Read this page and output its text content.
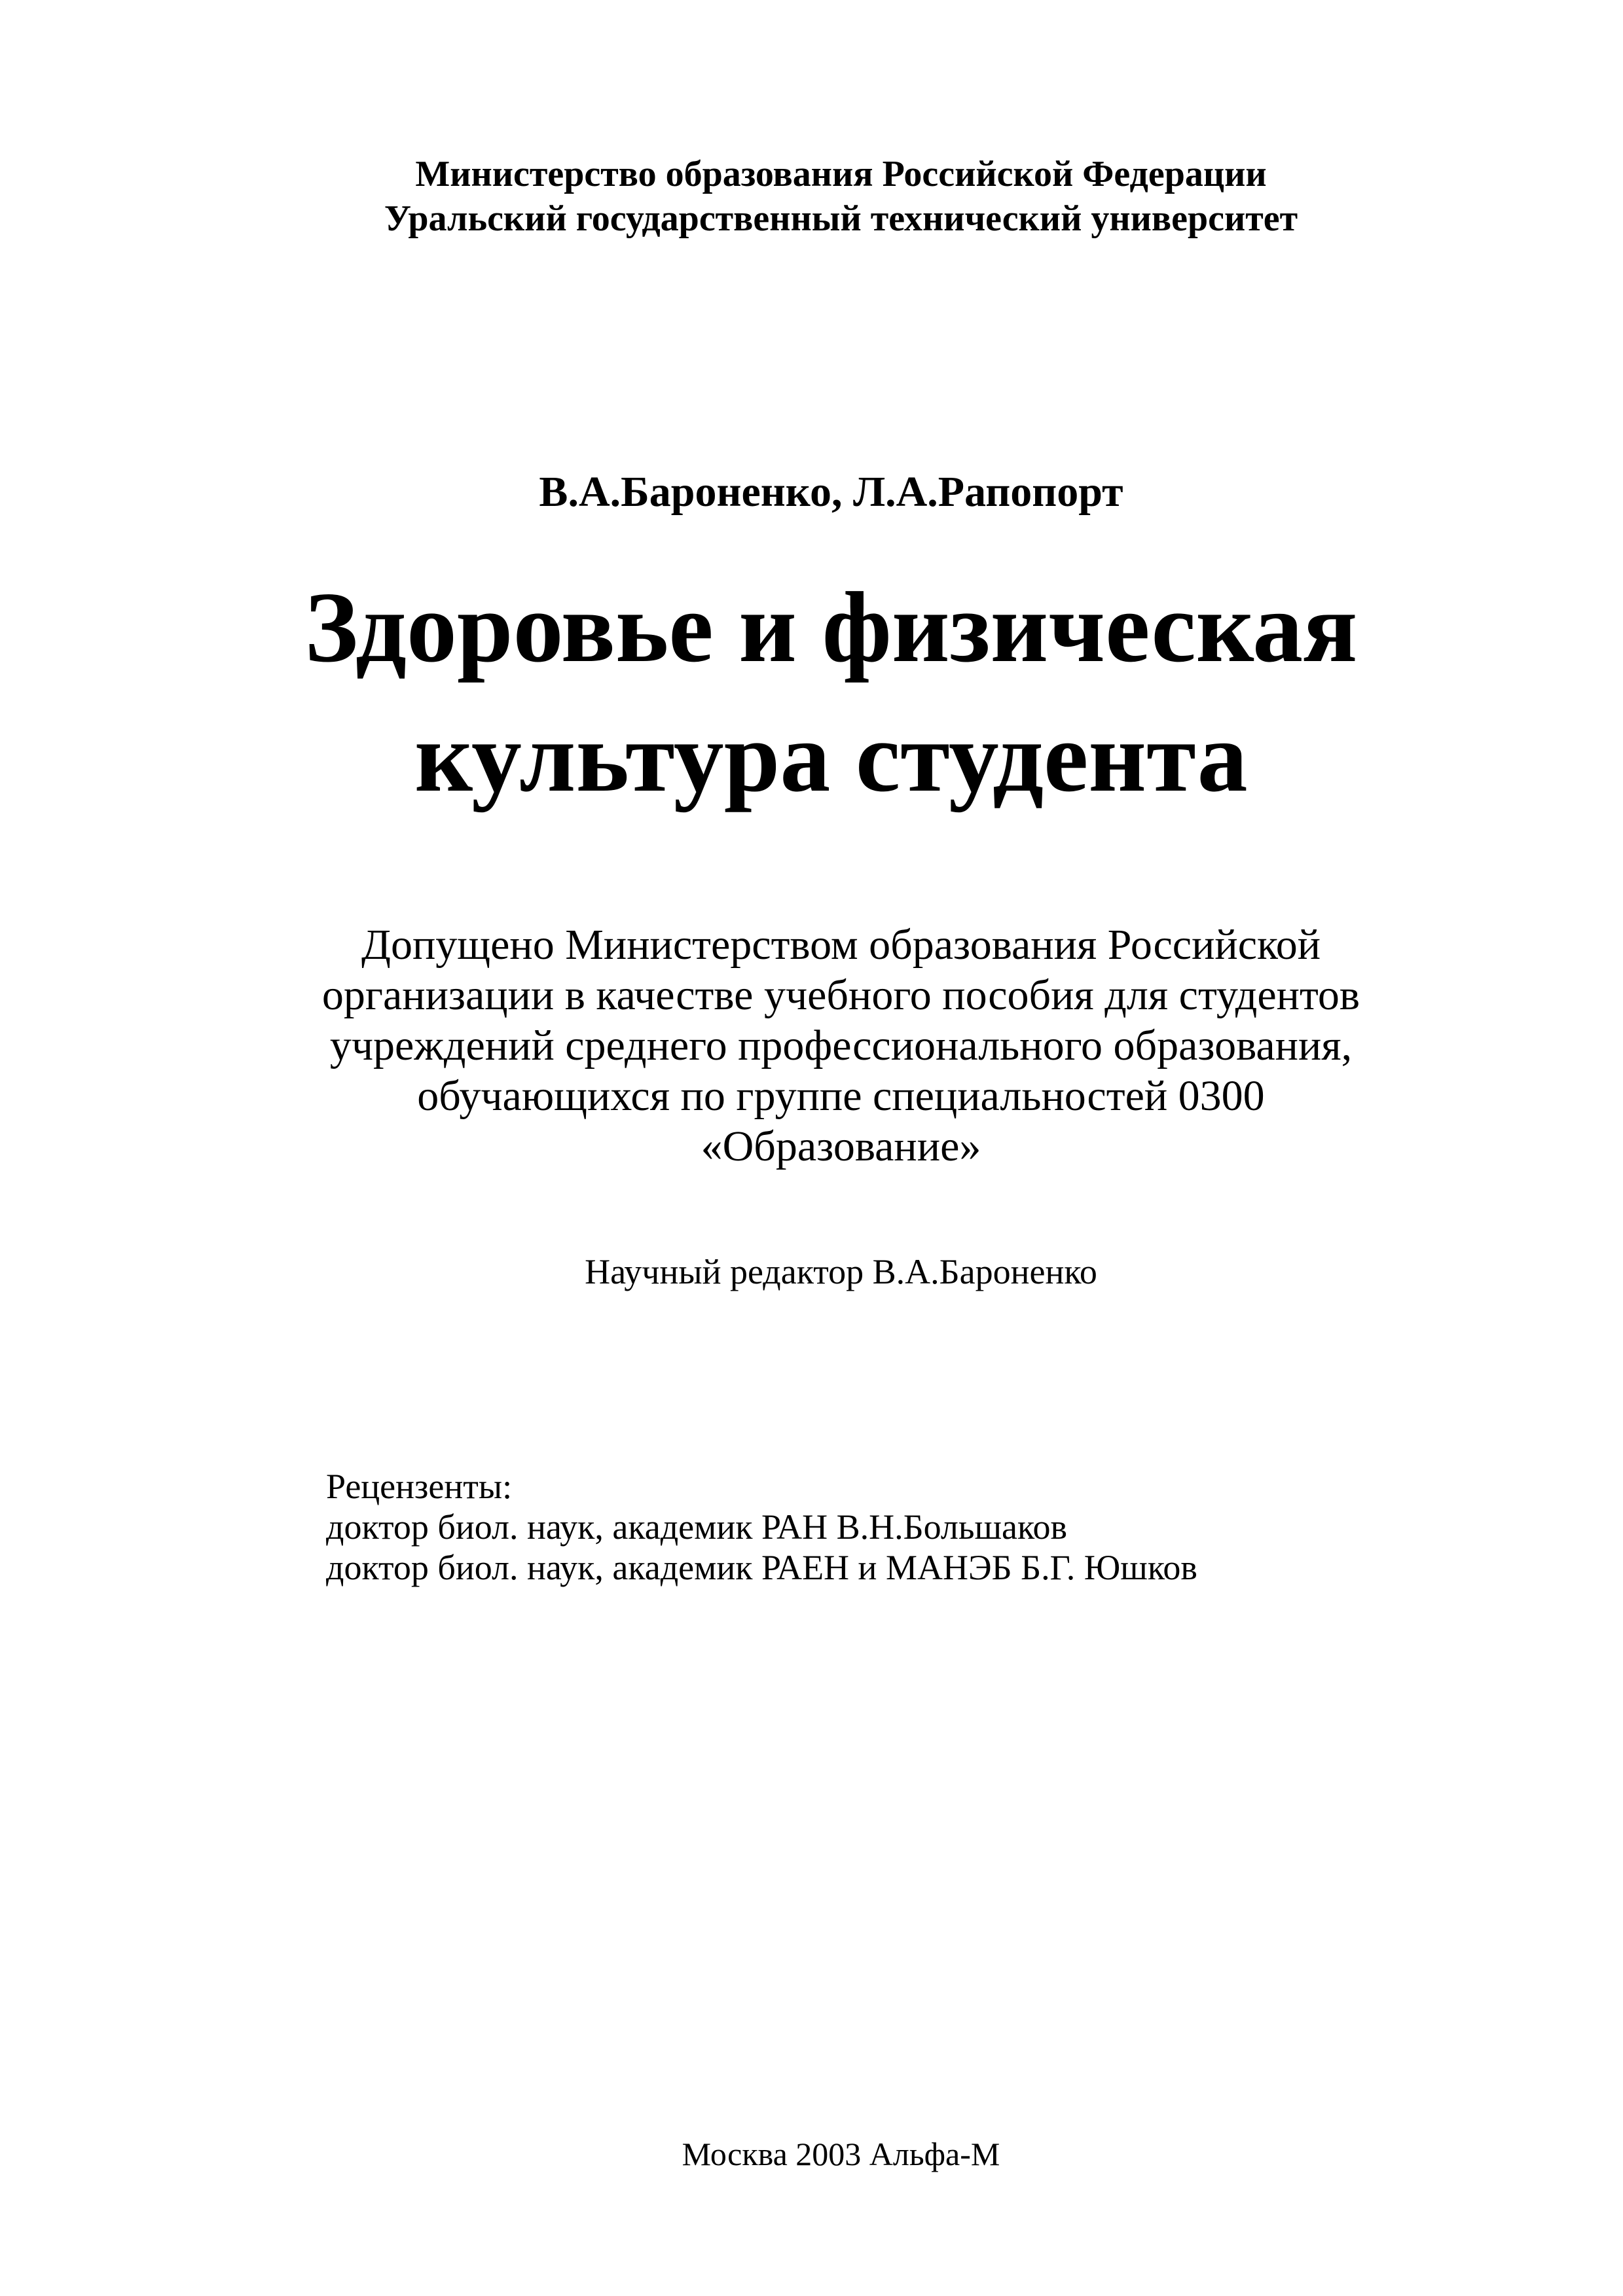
Министерство образования Российской Федерации
Уральский государственный технический университет
В.А.Бароненко, Л.А.Рапопорт
Здоровье и физическая
культура студента
Допущено Министерством образования Российской
организации в качестве учебного пособия для студентов
учреждений среднего профессионального образования,
обучающихся по группе специальностей 0300
«Образование»
Научный редактор В.А.Бароненко
Рецензенты:
доктор биол. наук, академик РАН В.Н.Большаков
доктор биол. наук, академик РАЕН и МАНЭБ Б.Г. Юшков
Москва 2003 Альфа-М
